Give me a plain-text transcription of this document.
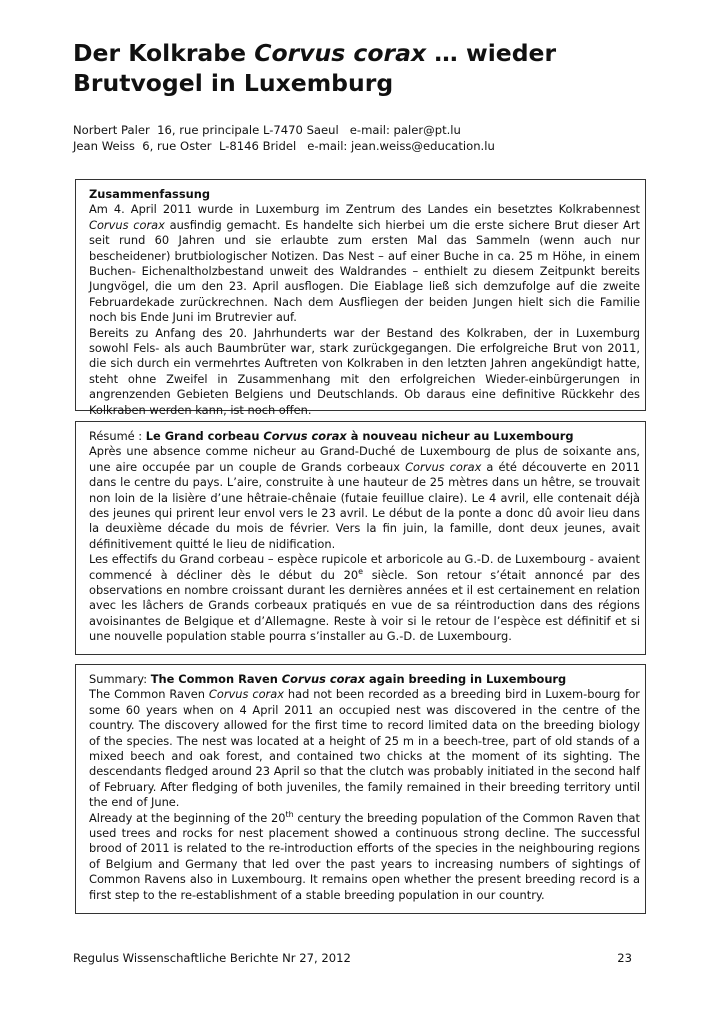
Der Kolkrabe Corvus corax … wieder Brutvogel in Luxemburg
Norbert Paler  16, rue principale L-7470 Saeul   e-mail: paler@pt.lu
Jean Weiss  6, rue Oster  L-8146 Bridel   e-mail: jean.weiss@education.lu

Zusammenfassung

Am 4. April 2011 wurde in Luxemburg im Zentrum des Landes ein besetztes Kolkrabennest Corvus corax ausfindig gemacht. Es handelte sich hierbei um die erste sichere Brut dieser Art seit rund 60 Jahren und sie erlaubte zum ersten Mal das Sammeln (wenn auch nur bescheidener) brutbiologischer Notizen. Das Nest – auf einer Buche in ca. 25 m Höhe, in einem Buchen- Eichenaltholzbestand unweit des Waldrandes – enthielt zu diesem Zeitpunkt bereits Jungvögel, die um den 23. April ausflogen. Die Eiablage ließ sich demzufolge auf die zweite Februardekade zurückrechnen. Nach dem Ausfliegen der beiden Jungen hielt sich die Familie noch bis Ende Juni im Brutrevier auf.

Bereits zu Anfang des 20. Jahrhunderts war der Bestand des Kolkraben, der in Luxemburg sowohl Fels- als auch Baumbrüter war, stark zurückgegangen. Die erfolgreiche Brut von 2011, die sich durch ein vermehrtes Auftreten von Kolkraben in den letzten Jahren angekündigt hatte, steht ohne Zweifel in Zusammenhang mit den erfolgreichen Wieder-einbürgerungen in angrenzenden Gebieten Belgiens und Deutschlands. Ob daraus eine definitive Rückkehr des Kolkraben werden kann, ist noch offen.

Résumé : Le Grand corbeau Corvus corax à nouveau nicheur au Luxembourg

Après une absence comme nicheur au Grand-Duché de Luxembourg de plus de soixante ans, une aire occupée par un couple de Grands corbeaux Corvus corax a été découverte en 2011 dans le centre du pays. L’aire, construite à une hauteur de 25 mètres dans un hêtre, se trouvait non loin de la lisière d’une hêtraie-chênaie (futaie feuillue claire). Le 4 avril, elle contenait déjà des jeunes qui prirent leur envol vers le 23 avril. Le début de la ponte a donc dû avoir lieu dans la deuxième décade du mois de février. Vers la fin juin, la famille, dont deux jeunes, avait définitivement quitté le lieu de nidification.

Les effectifs du Grand corbeau – espèce rupicole et arboricole au G.-D. de Luxembourg - avaient commencé à décliner dès le début du 20e siècle. Son retour s’était annoncé par des observations en nombre croissant durant les dernières années et il est certainement en relation avec les lâchers de Grands corbeaux pratiqués en vue de sa réintroduction dans des régions avoisinantes de Belgique et d’Allemagne. Reste à voir si le retour de l’espèce est définitif et si une nouvelle population stable pourra s’installer au G.-D. de Luxembourg.

Summary: The Common Raven Corvus corax again breeding in Luxembourg

The Common Raven Corvus corax had not been recorded as a breeding bird in Luxem-bourg for some 60 years when on 4 April 2011 an occupied nest was discovered in the centre of the country. The discovery allowed for the first time to record limited data on the breeding biology of the species. The nest was located at a height of 25 m in a beech-tree, part of old stands of a mixed beech and oak forest, and contained two chicks at the moment of its sighting. The descendants fledged around 23 April so that the clutch was probably initiated in the second half of February. After fledging of both juveniles, the family remained in their breeding territory until the end of June.

Already at the beginning of the 20th century the breeding population of the Common Raven that used trees and rocks for nest placement showed a continuous strong decline. The successful brood of 2011 is related to the re-introduction efforts of the species in the neighbouring regions of Belgium and Germany that led over the past years to increasing numbers of sightings of Common Ravens also in Luxembourg. It remains open whether the present breeding record is a first step to the re-establishment of a stable breeding population in our country.

Regulus Wissenschaftliche Berichte Nr 27, 2012	23
